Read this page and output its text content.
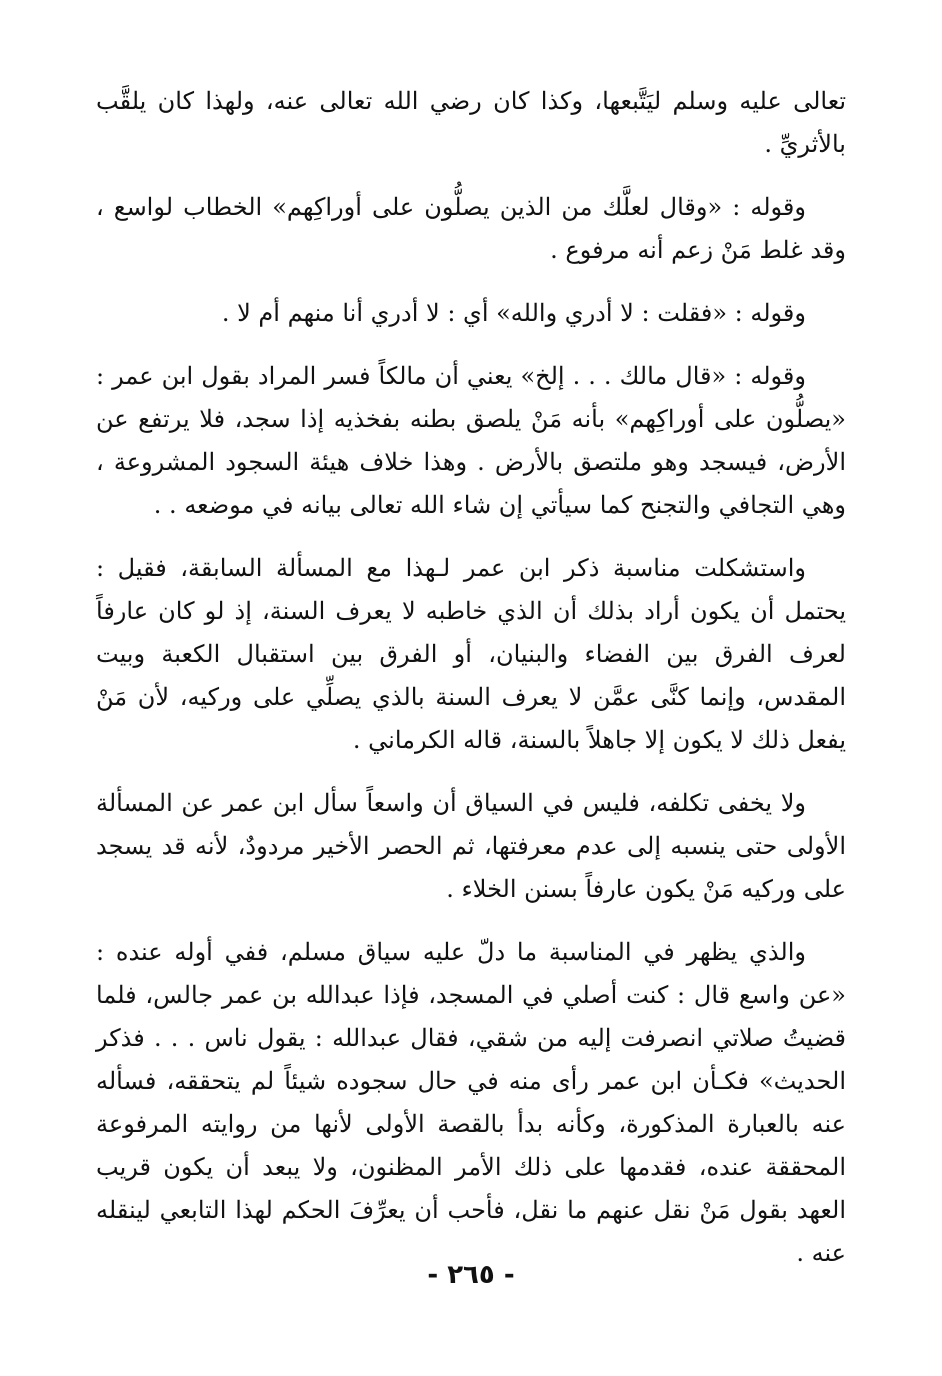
تعالى عليه وسلم ليَتَّبعها، وكذا كان رضي الله تعالى عنه، ولهذا كان يلقَّب بالأثريِّ .

وقوله : «وقال لعلَّك من الذين يصلُّون على أوراكِهم» الخطاب لواسع ، وقد غلط مَنْ زعم أنه مرفوع .

وقوله : «فقلت : لا أدري والله» أي : لا أدري أنا منهم أم لا .

وقوله : «قال مالك . . . إلخ» يعني أن مالكاً فسر المراد بقول ابن عمر : «يصلُّون على أوراكِهم» بأنه مَنْ يلصق بطنه بفخذيه إذا سجد، فلا يرتفع عن الأرض، فيسجد وهو ملتصق بالأرض . وهذا خلاف هيئة السجود المشروعة ، وهي التجافي والتجنح كما سيأتي إن شاء الله تعالى بيانه في موضعه . .

واستشكلت مناسبة ذكر ابن عمر لـهذا مع المسألة السابقة، فقيل : يحتمل أن يكون أراد بذلك أن الذي خاطبه لا يعرف السنة، إذ لو كان عارفاً لعرف الفرق بين الفضاء والبنيان، أو الفرق بين استقبال الكعبة وبيت المقدس، وإنما كنَّى عمَّن لا يعرف السنة بالذي يصلِّي على وركيه، لأن مَنْ يفعل ذلك لا يكون إلا جاهلاً بالسنة، قاله الكرماني .

ولا يخفى تكلفه، فليس في السياق أن واسعاً سأل ابن عمر عن المسألة الأولى حتى ينسبه إلى عدم معرفتها، ثم الحصر الأخير مردودٌ، لأنه قد يسجد على وركيه مَنْ يكون عارفاً بسنن الخلاء .

والذي يظهر في المناسبة ما دلّ عليه سياق مسلم، ففي أوله عنده : «عن واسع قال : كنت أصلي في المسجد، فإذا عبدالله بن عمر جالس، فلما قضيتُ صلاتي انصرفت إليه من شقي، فقال عبدالله : يقول ناس . . . فذكر الحديث» فكـأن ابن عمر رأى منه في حال سجوده شيئاً لم يتحققه، فسأله عنه بالعبارة المذكورة، وكأنه بدأ بالقصة الأولى لأنها من روايته المرفوعة المحققة عنده، فقدمها على ذلك الأمر المظنون، ولا يبعد أن يكون قريب العهد بقول مَنْ نقل عنهم ما نقل، فأحب أن يعرِّفَ الحكم لهذا التابعي لينقله عنه .

- ٢٦٥ -
